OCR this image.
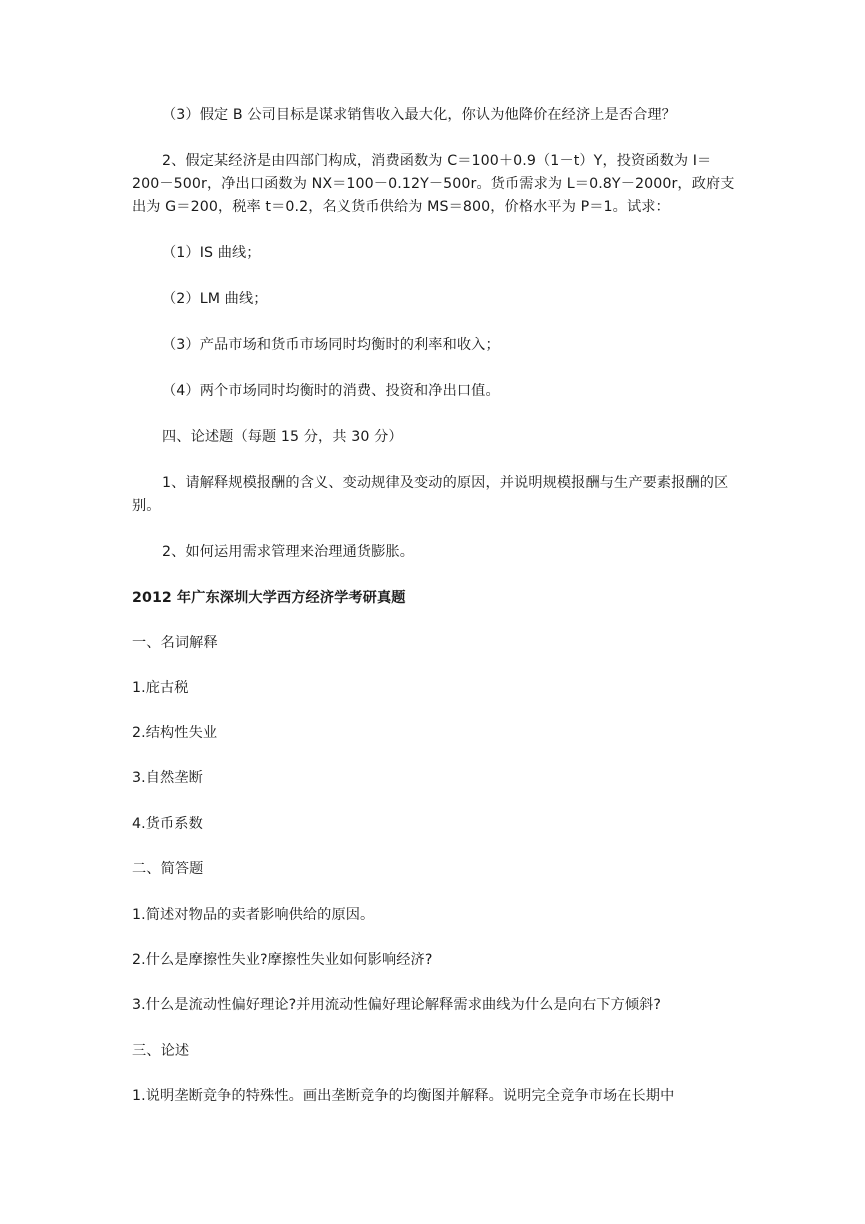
（3）假定 B 公司目标是谋求销售收入最大化，你认为他降价在经济上是否合理？

2、假定某经济是由四部门构成，消费函数为 C＝100＋0.9（1－t）Y，投资函数为 I＝200－500r，净出口函数为 NX＝100－0.12Y－500r。货币需求为 L＝0.8Y－2000r，政府支出为 G＝200，税率 t＝0.2，名义货币供给为 MS＝800，价格水平为 P＝1。试求：

（1）IS 曲线；

（2）LM 曲线；

（3）产品市场和货币市场同时均衡时的利率和收入；

（4）两个市场同时均衡时的消费、投资和净出口值。

四、论述题（每题 15 分，共 30 分）

1、请解释规模报酬的含义、变动规律及变动的原因，并说明规模报酬与生产要素报酬的区别。

2、如何运用需求管理来治理通货膨胀。

2012 年广东深圳大学西方经济学考研真题

一、名词解释

1.庇古税

2.结构性失业

3.自然垄断

4.货币系数

二、简答题

1.简述对物品的卖者影响供给的原因。

2.什么是摩擦性失业?摩擦性失业如何影响经济?

3.什么是流动性偏好理论?并用流动性偏好理论解释需求曲线为什么是向右下方倾斜?

三、论述

1.说明垄断竞争的特殊性。画出垄断竞争的均衡图并解释。说明完全竞争市场在长期中
